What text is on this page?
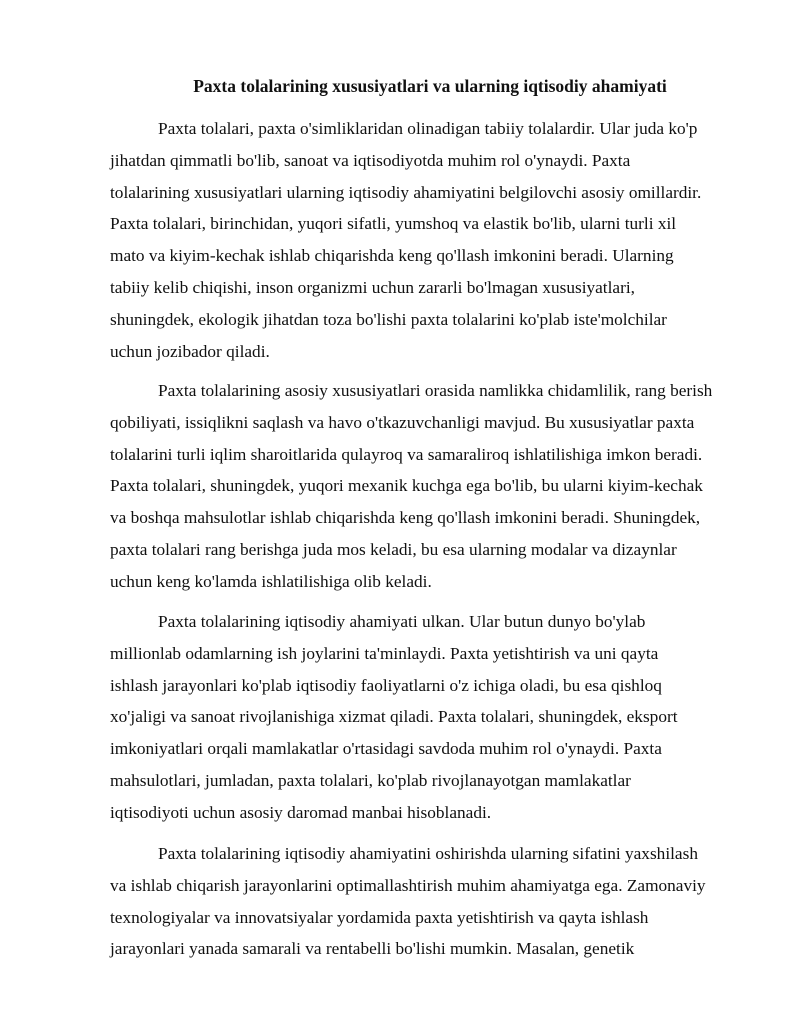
Paxta tolalarining xususiyatlari va ularning iqtisodiy ahamiyati
Paxta tolalari, paxta o'simliklaridan olinadigan tabiiy tolalardir. Ular juda ko'p
jihatdan qimmatli bo'lib, sanoat va iqtisodiyotda muhim rol o'ynaydi. Paxta
tolalarining xususiyatlari ularning iqtisodiy ahamiyatini belgilovchi asosiy omillardir.
Paxta tolalari, birinchidan, yuqori sifatli, yumshoq va elastik bo'lib, ularni turli xil
mato va kiyim-kechak ishlab chiqarishda keng qo'llash imkonini beradi. Ularning
tabiiy kelib chiqishi, inson organizmi uchun zararli bo'lmagan xususiyatlari,
shuningdek, ekologik jihatdan toza bo'lishi paxta tolalarini ko'plab iste'molchilar
uchun jozibador qiladi.
Paxta tolalarining asosiy xususiyatlari orasida namlikka chidamlilik, rang berish
qobiliyati, issiqlikni saqlash va havo o'tkazuvchanligi mavjud. Bu xususiyatlar paxta
tolalarini turli iqlim sharoitlarida qulayroq va samaraliroq ishlatilishiga imkon beradi.
Paxta tolalari, shuningdek, yuqori mexanik kuchga ega bo'lib, bu ularni kiyim-kechak
va boshqa mahsulotlar ishlab chiqarishda keng qo'llash imkonini beradi. Shuningdek,
paxta tolalari rang berishga juda mos keladi, bu esa ularning modalar va dizaynlar
uchun keng ko'lamda ishlatilishiga olib keladi.
Paxta tolalarining iqtisodiy ahamiyati ulkan. Ular butun dunyo bo'ylab
millionlab odamlarning ish joylarini ta'minlaydi. Paxta yetishtirish va uni qayta
ishlash jarayonlari ko'plab iqtisodiy faoliyatlarni o'z ichiga oladi, bu esa qishloq
xo'jaligi va sanoat rivojlanishiga xizmat qiladi. Paxta tolalari, shuningdek, eksport
imkoniyatlari orqali mamlakatlar o'rtasidagi savdoda muhim rol o'ynaydi. Paxta
mahsulotlari, jumladan, paxta tolalari, ko'plab rivojlanayotgan mamlakatlar
iqtisodiyoti uchun asosiy daromad manbai hisoblanadi.
Paxta tolalarining iqtisodiy ahamiyatini oshirishda ularning sifatini yaxshilash
va ishlab chiqarish jarayonlarini optimallashtirish muhim ahamiyatga ega. Zamonaviy
texnologiyalar va innovatsiyalar yordamida paxta yetishtirish va qayta ishlash
jarayonlari yanada samarali va rentabelli bo'lishi mumkin. Masalan, genetik
